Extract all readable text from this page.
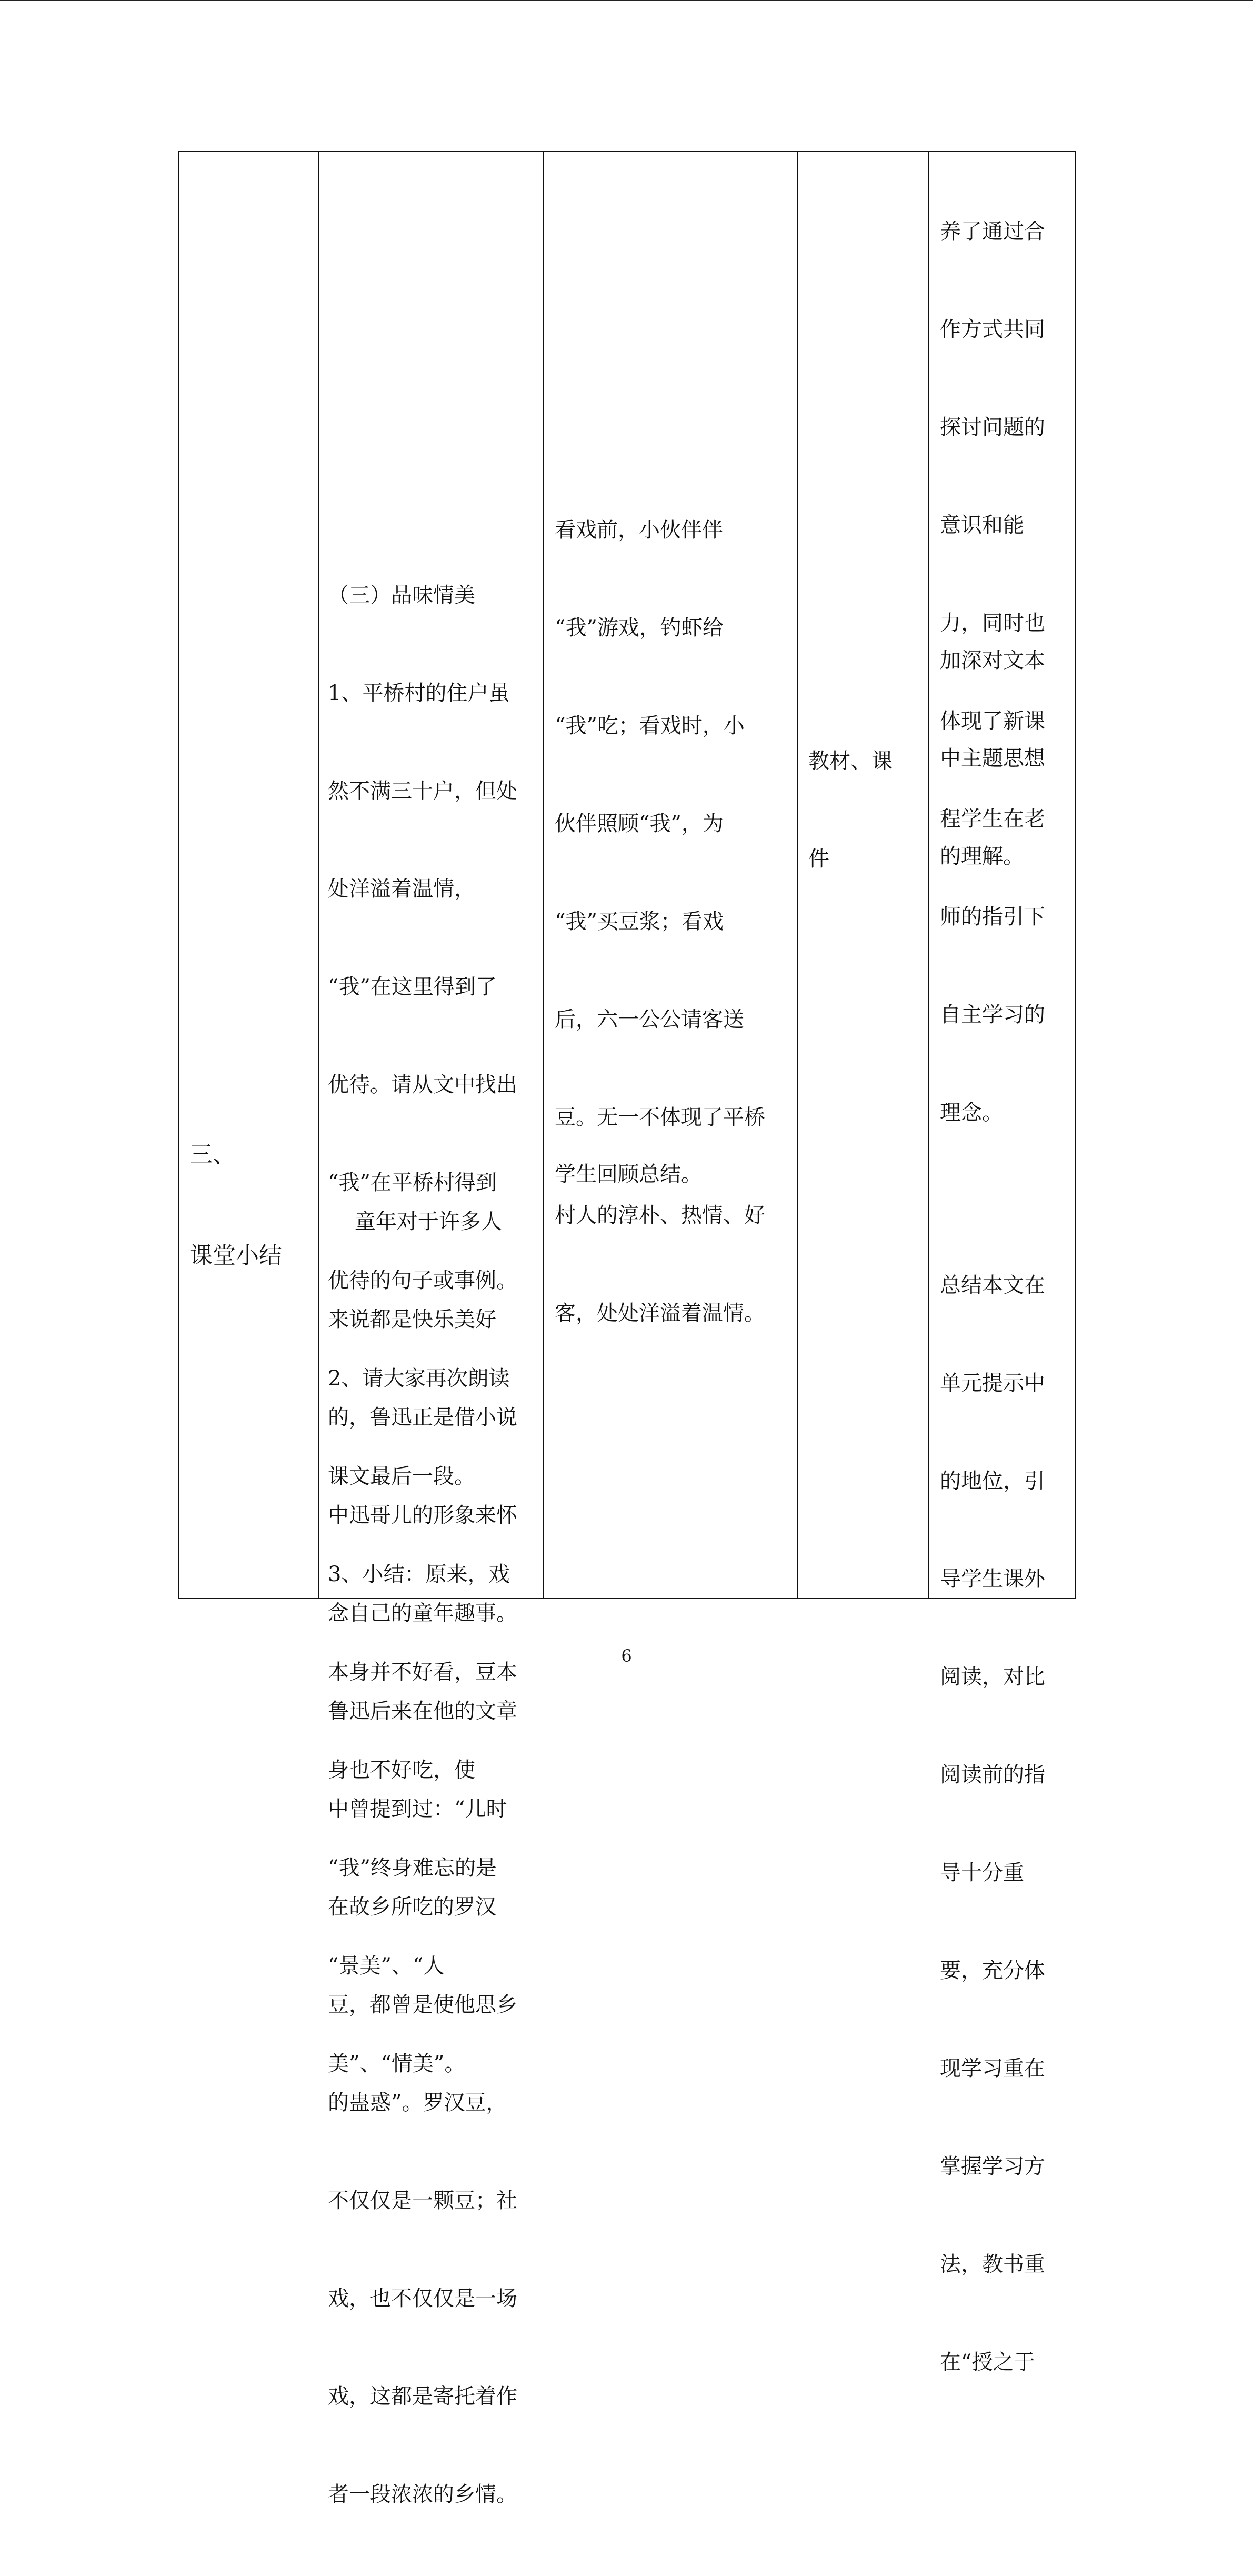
三、

课堂小结

（三）品味情美

1、平桥村的住户虽

然不满三十户，但处

处洋溢着温情，

“我”在这里得到了

优待。请从文中找出

“我”在平桥村得到

优待的句子或事例。

2、请大家再次朗读

课文最后一段。

3、小结：原来，戏

本身并不好看，豆本

身也不好吃，使

“我”终身难忘的是

“景美”、“人

美”、“情美”。

童年对于许多人

来说都是快乐美好

的，鲁迅正是借小说

中迅哥儿的形象来怀

念自己的童年趣事。

鲁迅后来在他的文章

中曾提到过：“儿时

在故乡所吃的罗汉

豆，都曾是使他思乡

的蛊惑”。罗汉豆，

不仅仅是一颗豆；社

戏，也不仅仅是一场

戏，这都是寄托着作

者一段浓浓的乡情。

看戏前，小伙伴伴

“我”游戏，钓虾给

“我”吃；看戏时，小

伙伴照顾“我”，为

“我”买豆浆；看戏

后，六一公公请客送

豆。无一不体现了平桥

村人的淳朴、热情、好

客，处处洋溢着温情。

学生回顾总结。

教材、课

件

养了通过合

作方式共同

探讨问题的

意识和能

力，同时也

体现了新课

程学生在老

师的指引下

自主学习的

理念。

加深对文本

中主题思想

的理解。

总结本文在

单元提示中

的地位，引

导学生课外

阅读，对比

阅读前的指

导十分重

要，充分体

现学习重在

掌握学习方

法，教书重

在“授之于

6
